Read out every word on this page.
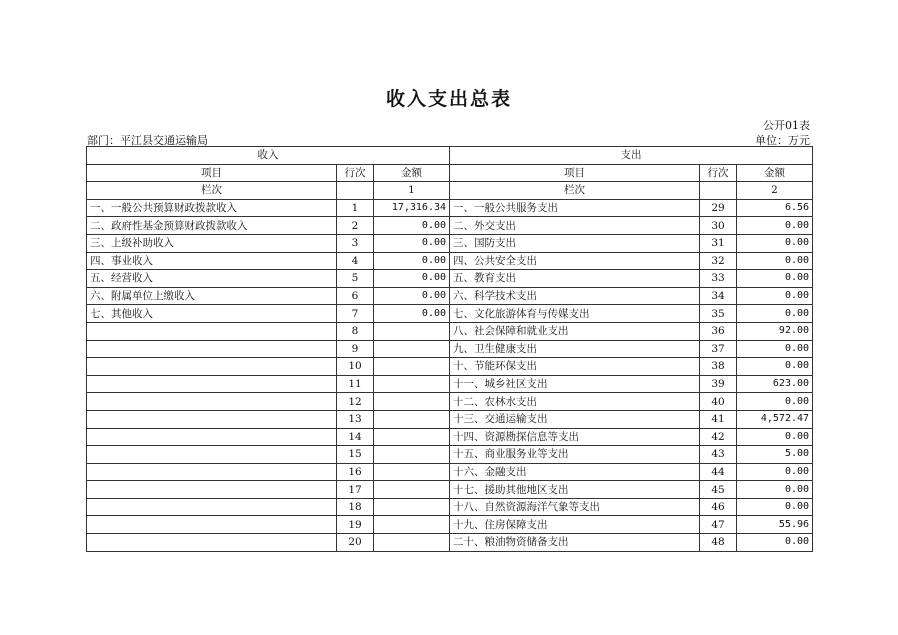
收入支出总表
公开01表
部门：平江县交通运输局	单位：万元
收入			支出		
项目	行次	金额	项目	行次	金额
栏次		1	栏次		2
一、一般公共预算财政拨款收入	1	17,316.34	一、一般公共服务支出	29	6.56
二、政府性基金预算财政拨款收入	2	0.00	二、外交支出	30	0.00
三、上级补助收入	3	0.00	三、国防支出	31	0.00
四、事业收入	4	0.00	四、公共安全支出	32	0.00
五、经营收入	5	0.00	五、教育支出	33	0.00
六、附属单位上缴收入	6	0.00	六、科学技术支出	34	0.00
七、其他收入	7	0.00	七、文化旅游体育与传媒支出	35	0.00
	8		八、社会保障和就业支出	36	92.00
	9		九、卫生健康支出	37	0.00
	10		十、节能环保支出	38	0.00
	11		十一、城乡社区支出	39	623.00
	12		十二、农林水支出	40	0.00
	13		十三、交通运输支出	41	4,572.47
	14		十四、资源勘探信息等支出	42	0.00
	15		十五、商业服务业等支出	43	5.00
	16		十六、金融支出	44	0.00
	17		十七、援助其他地区支出	45	0.00
	18		十八、自然资源海洋气象等支出	46	0.00
	19		十九、住房保障支出	47	55.96
	20		二十、粮油物资储备支出	48	0.00
